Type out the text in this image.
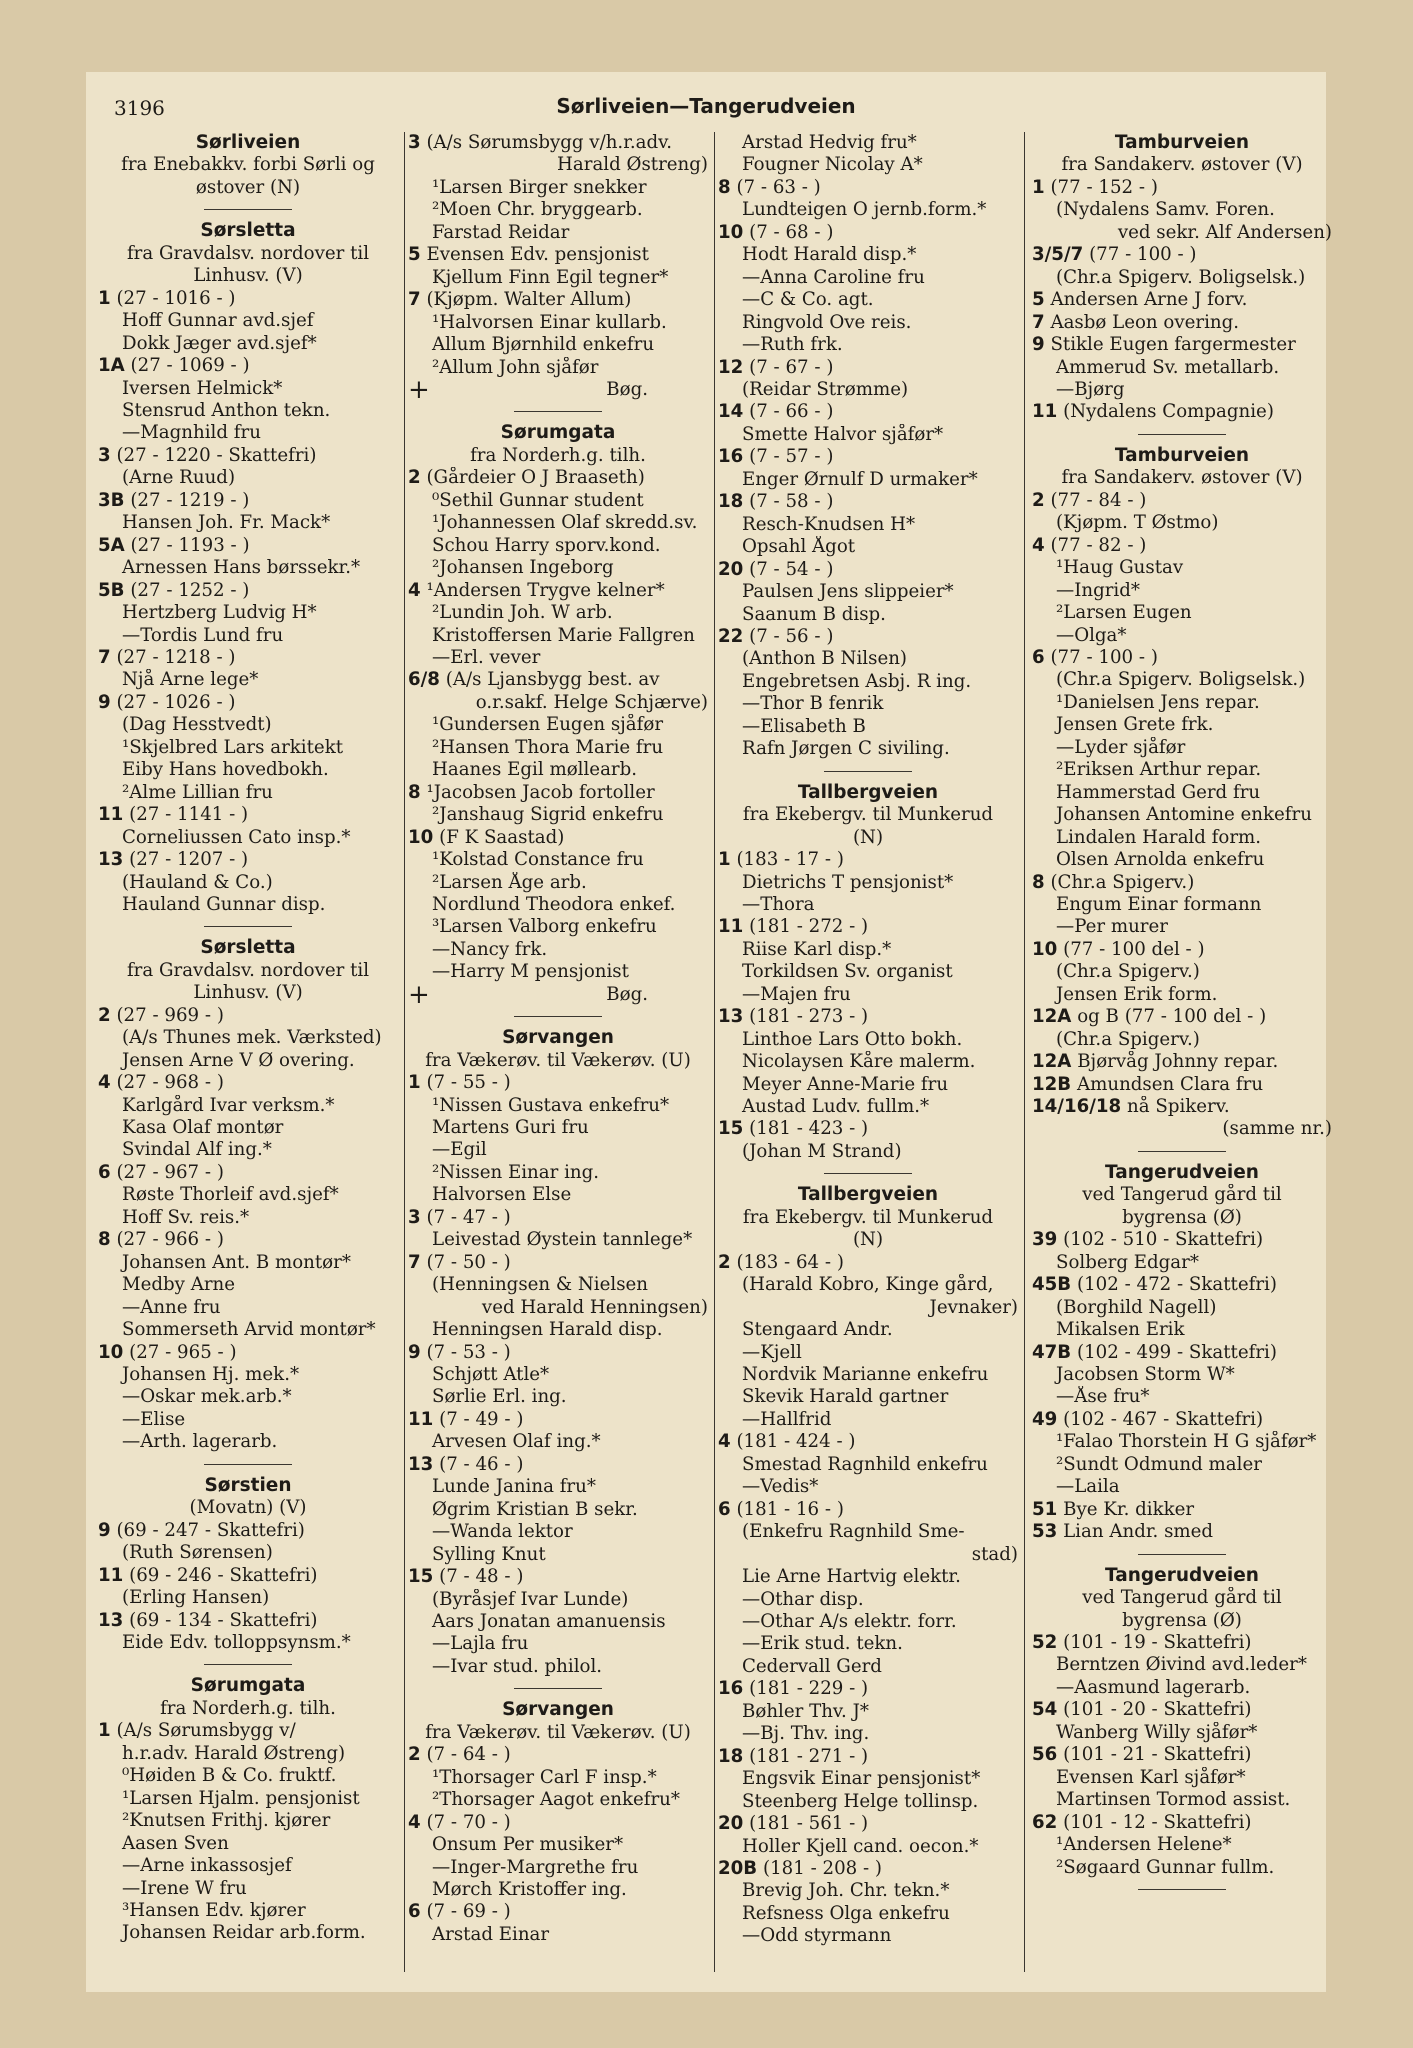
3196	Sørliveien—Tangerudveien
Sørliveien
fra Enebakkv. forbi Sørli og
østover (N)
Sørsletta
fra Gravdalsv. nordover til
Linhusv. (V)
1 (27 - 1016 - )
Hoff Gunnar avd.sjef
Dokk Jæger avd.sjef*
1A (27 - 1069 - )
Iversen Helmick*
Stensrud Anthon tekn.
—Magnhild fru
3 (27 - 1220 - Skattefri)
(Arne Ruud)
3B (27 - 1219 - )
Hansen Joh. Fr. Mack*
5A (27 - 1193 - )
Arnessen Hans børssekr.*
5B (27 - 1252 - )
Hertzberg Ludvig H*
—Tordis Lund fru
7 (27 - 1218 - )
Njå Arne lege*
9 (27 - 1026 - )
(Dag Hesstvedt)
¹Skjelbred Lars arkitekt
Eiby Hans hovedbokh.
²Alme Lillian fru
11 (27 - 1141 - )
Corneliussen Cato insp.*
13 (27 - 1207 - )
(Hauland & Co.)
Hauland Gunnar disp.
Sørsletta
fra Gravdalsv. nordover til
Linhusv. (V)
2 (27 - 969 - )
(A/s Thunes mek. Værksted)
Jensen Arne V Ø overing.
4 (27 - 968 - )
Karlgård Ivar verksm.*
Kasa Olaf montør
Svindal Alf ing.*
6 (27 - 967 - )
Røste Thorleif avd.sjef*
Hoff Sv. reis.*
8 (27 - 966 - )
Johansen Ant. B montør*
Medby Arne
—Anne fru
Sommerseth Arvid montør*
10 (27 - 965 - )
Johansen Hj. mek.*
—Oskar mek.arb.*
—Elise
—Arth. lagerarb.
Sørstien
(Movatn) (V)
9 (69 - 247 - Skattefri)
(Ruth Sørensen)
11 (69 - 246 - Skattefri)
(Erling Hansen)
13 (69 - 134 - Skattefri)
Eide Edv. tolloppsynsm.*
Sørumgata
fra Norderh.g. tilh.
1 (A/s Sørumsbygg v/
h.r.adv. Harald Østreng)
⁰Høiden B & Co. fruktf.
¹Larsen Hjalm. pensjonist
²Knutsen Frithj. kjører
Aasen Sven
—Arne inkassosjef
—Irene W fru
³Hansen Edv. kjører
Johansen Reidar arb.form.
3 (A/s Sørumsbygg v/h.r.adv.
Harald Østreng)
¹Larsen Birger snekker
²Moen Chr. bryggearb.
Farstad Reidar
5 Evensen Edv. pensjonist
Kjellum Finn Egil tegner*
7 (Kjøpm. Walter Allum)
¹Halvorsen Einar kullarb.
Allum Bjørnhild enkefru
²Allum John sjåfør
+	Bøg.
Sørumgata
fra Norderh.g. tilh.
2 (Gårdeier O J Braaseth)
⁰Sethil Gunnar student
¹Johannessen Olaf skredd.sv.
Schou Harry sporv.kond.
²Johansen Ingeborg
4 ¹Andersen Trygve kelner*
²Lundin Joh. W arb.
Kristoffersen Marie Fallgren
—Erl. vever
6/8 (A/s Ljansbygg best. av
o.r.sakf. Helge Schjærve)
¹Gundersen Eugen sjåfør
²Hansen Thora Marie fru
Haanes Egil møllearb.
8 ¹Jacobsen Jacob fortoller
²Janshaug Sigrid enkefru
10 (F K Saastad)
¹Kolstad Constance fru
²Larsen Åge arb.
Nordlund Theodora enkef.
³Larsen Valborg enkefru
—Nancy frk.
—Harry M pensjonist
+	Bøg.
Sørvangen
fra Vækerøv. til Vækerøv. (U)
1 (7 - 55 - )
¹Nissen Gustava enkefru*
Martens Guri fru
—Egil
²Nissen Einar ing.
Halvorsen Else
3 (7 - 47 - )
Leivestad Øystein tannlege*
7 (7 - 50 - )
(Henningsen & Nielsen
ved Harald Henningsen)
Henningsen Harald disp.
9 (7 - 53 - )
Schjøtt Atle*
Sørlie Erl. ing.
11 (7 - 49 - )
Arvesen Olaf ing.*
13 (7 - 46 - )
Lunde Janina fru*
Øgrim Kristian B sekr.
—Wanda lektor
Sylling Knut
15 (7 - 48 - )
(Byråsjef Ivar Lunde)
Aars Jonatan amanuensis
—Lajla fru
—Ivar stud. philol.
Sørvangen
fra Vækerøv. til Vækerøv. (U)
2 (7 - 64 - )
¹Thorsager Carl F insp.*
²Thorsager Aagot enkefru*
4 (7 - 70 - )
Onsum Per musiker*
—Inger-Margrethe fru
Mørch Kristoffer ing.
6 (7 - 69 - )
Arstad Einar
Arstad Hedvig fru*
Fougner Nicolay A*
8 (7 - 63 - )
Lundteigen O jernb.form.*
10 (7 - 68 - )
Hodt Harald disp.*
—Anna Caroline fru
—C & Co. agt.
Ringvold Ove reis.
—Ruth frk.
12 (7 - 67 - )
(Reidar Strømme)
14 (7 - 66 - )
Smette Halvor sjåfør*
16 (7 - 57 - )
Enger Ørnulf D urmaker*
18 (7 - 58 - )
Resch-Knudsen H*
Opsahl Ågot
20 (7 - 54 - )
Paulsen Jens slippeier*
Saanum B disp.
22 (7 - 56 - )
(Anthon B Nilsen)
Engebretsen Asbj. R ing.
—Thor B fenrik
—Elisabeth B
Rafn Jørgen C siviling.
Tallbergveien
fra Ekebergv. til Munkerud
(N)
1 (183 - 17 - )
Dietrichs T pensjonist*
—Thora
11 (181 - 272 - )
Riise Karl disp.*
Torkildsen Sv. organist
—Majen fru
13 (181 - 273 - )
Linthoe Lars Otto bokh.
Nicolaysen Kåre malerm.
Meyer Anne-Marie fru
Austad Ludv. fullm.*
15 (181 - 423 - )
(Johan M Strand)
Tallbergveien
fra Ekebergv. til Munkerud
(N)
2 (183 - 64 - )
(Harald Kobro, Kinge gård,
Jevnaker)
Stengaard Andr.
—Kjell
Nordvik Marianne enkefru
Skevik Harald gartner
—Hallfrid
4 (181 - 424 - )
Smestad Ragnhild enkefru
—Vedis*
6 (181 - 16 - )
(Enkefru Ragnhild Sme-
stad)
Lie Arne Hartvig elektr.
—Othar disp.
—Othar A/s elektr. forr.
—Erik stud. tekn.
Cedervall Gerd
16 (181 - 229 - )
Bøhler Thv. J*
—Bj. Thv. ing.
18 (181 - 271 - )
Engsvik Einar pensjonist*
Steenberg Helge tollinsp.
20 (181 - 561 - )
Holler Kjell cand. oecon.*
20B (181 - 208 - )
Brevig Joh. Chr. tekn.*
Refsness Olga enkefru
—Odd styrmann
Tamburveien
fra Sandakerv. østover (V)
1 (77 - 152 - )
(Nydalens Samv. Foren.
ved sekr. Alf Andersen)
3/5/7 (77 - 100 - )
(Chr.a Spigerv. Boligselsk.)
5 Andersen Arne J forv.
7 Aasbø Leon overing.
9 Stikle Eugen fargermester
Ammerud Sv. metallarb.
—Bjørg
11 (Nydalens Compagnie)
Tamburveien
fra Sandakerv. østover (V)
2 (77 - 84 - )
(Kjøpm. T Østmo)
4 (77 - 82 - )
¹Haug Gustav
—Ingrid*
²Larsen Eugen
—Olga*
6 (77 - 100 - )
(Chr.a Spigerv. Boligselsk.)
¹Danielsen Jens repar.
Jensen Grete frk.
—Lyder sjåfør
²Eriksen Arthur repar.
Hammerstad Gerd fru
Johansen Antomine enkefru
Lindalen Harald form.
Olsen Arnolda enkefru
8 (Chr.a Spigerv.)
Engum Einar formann
—Per murer
10 (77 - 100 del - )
(Chr.a Spigerv.)
Jensen Erik form.
12A og B (77 - 100 del - )
(Chr.a Spigerv.)
12A Bjørvåg Johnny repar.
12B Amundsen Clara fru
14/16/18 nå Spikerv.
(samme nr.)
Tangerudveien
ved Tangerud gård til
bygrensa (Ø)
39 (102 - 510 - Skattefri)
Solberg Edgar*
45B (102 - 472 - Skattefri)
(Borghild Nagell)
Mikalsen Erik
47B (102 - 499 - Skattefri)
Jacobsen Storm W*
—Åse fru*
49 (102 - 467 - Skattefri)
¹Falao Thorstein H G sjåfør*
²Sundt Odmund maler
—Laila
51 Bye Kr. dikker
53 Lian Andr. smed
Tangerudveien
ved Tangerud gård til
bygrensa (Ø)
52 (101 - 19 - Skattefri)
Berntzen Øivind avd.leder*
—Aasmund lagerarb.
54 (101 - 20 - Skattefri)
Wanberg Willy sjåfør*
56 (101 - 21 - Skattefri)
Evensen Karl sjåfør*
Martinsen Tormod assist.
62 (101 - 12 - Skattefri)
¹Andersen Helene*
²Søgaard Gunnar fullm.
